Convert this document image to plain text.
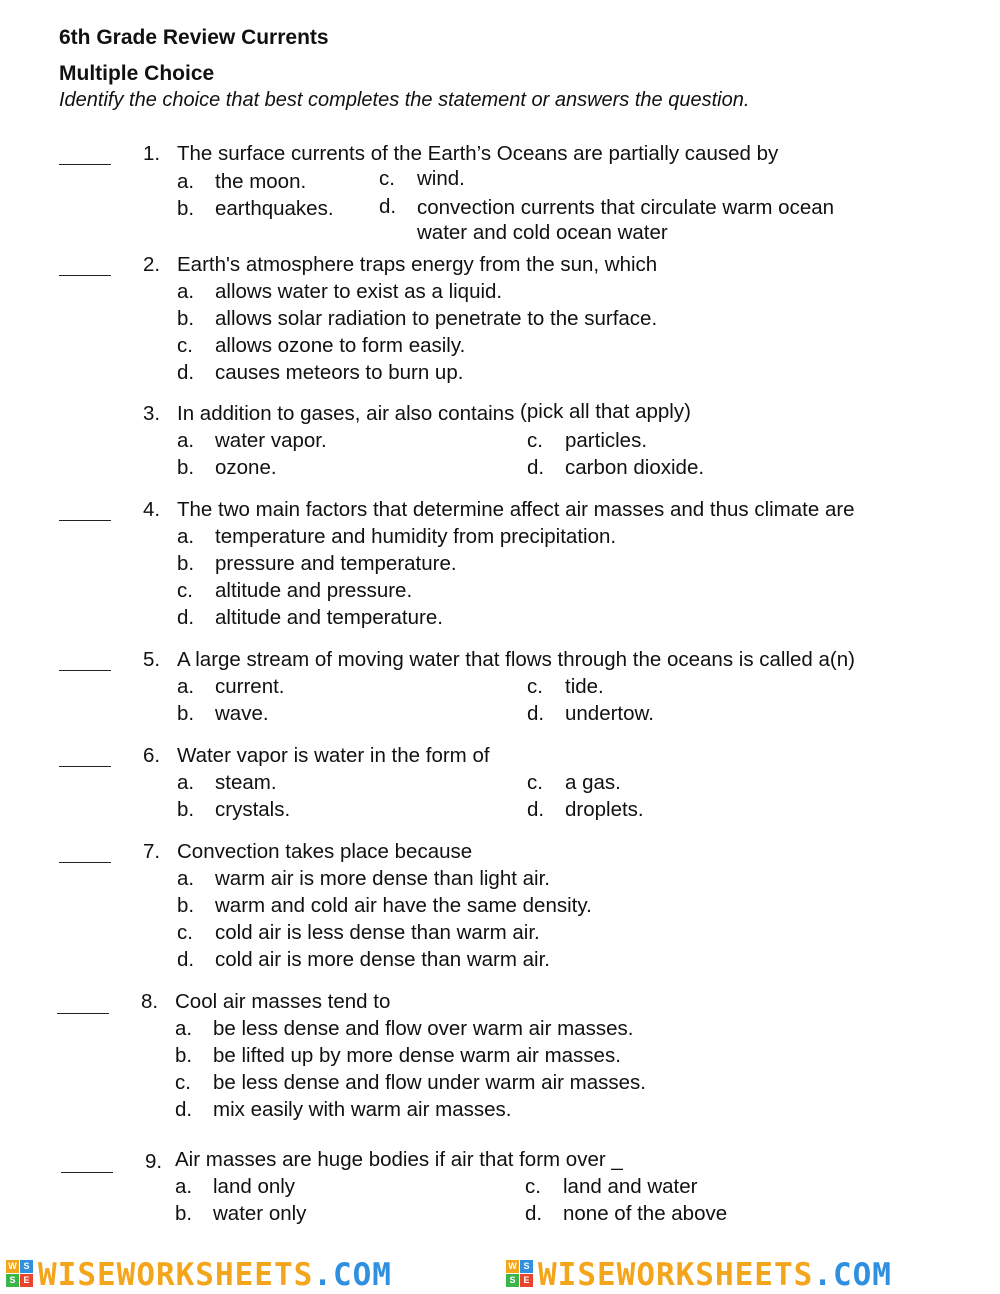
6th Grade Review Currents
Multiple Choice
Identify the choice that best completes the statement or answers the question.
1. The surface currents of the Earth’s Oceans are partially caused by
a. the moon.
b. earthquakes.
c. wind.
d. convection currents that circulate warm ocean water and cold ocean water
2. Earth's atmosphere traps energy from the sun, which
a. allows water to exist as a liquid.
b. allows solar radiation to penetrate to the surface.
c. allows ozone to form easily.
d. causes meteors to burn up.
3. In addition to gases, air also contains (pick all that apply)
a. water vapor.
b. ozone.
c. particles.
d. carbon dioxide.
4. The two main factors that determine affect air masses and thus climate are
a. temperature and humidity from precipitation.
b. pressure and temperature.
c. altitude and pressure.
d. altitude and temperature.
5. A large stream of moving water that flows through the oceans is called a(n)
a. current.
b. wave.
c. tide.
d. undertow.
6. Water vapor is water in the form of
a. steam.
b. crystals.
c. a gas.
d. droplets.
7. Convection takes place because
a. warm air is more dense than light air.
b. warm and cold air have the same density.
c. cold air is less dense than warm air.
d. cold air is more dense than warm air.
8. Cool air masses tend to
a. be less dense and flow over warm air masses.
b. be lifted up by more dense warm air masses.
c. be less dense and flow under warm air masses.
d. mix easily with warm air masses.
9. Air masses are huge bodies if air that form over _
a. land only
b. water only
c. land and water
d. none of the above
W S
S E WISEWORKSHEETS.COM	W S
S E WISEWORKSHEETS.COM
